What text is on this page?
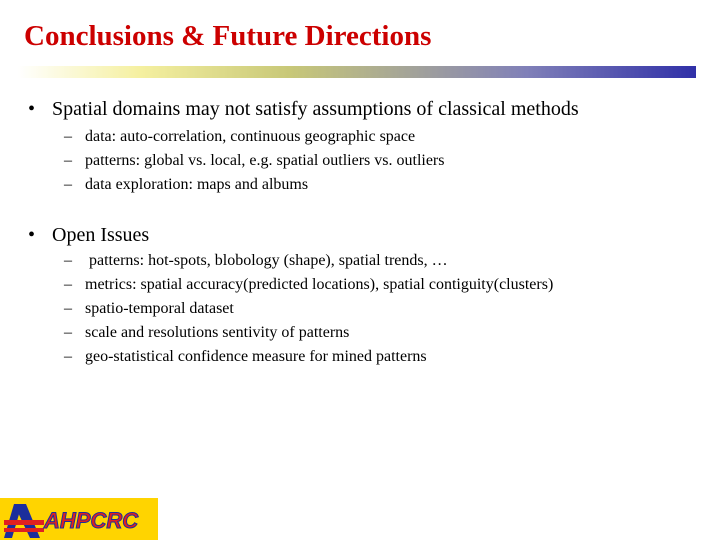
Conclusions & Future Directions
• Spatial domains may not satisfy assumptions of classical methods
– data: auto-correlation, continuous geographic space
– patterns: global vs. local, e.g. spatial outliers vs. outliers
– data exploration: maps and albums
• Open Issues
– patterns: hot-spots, blobology (shape), spatial trends, …
– metrics: spatial accuracy(predicted locations), spatial contiguity(clusters)
– spatio-temporal dataset
– scale and resolutions sentivity of patterns
– geo-statistical confidence measure for mined patterns
AHPCRC
